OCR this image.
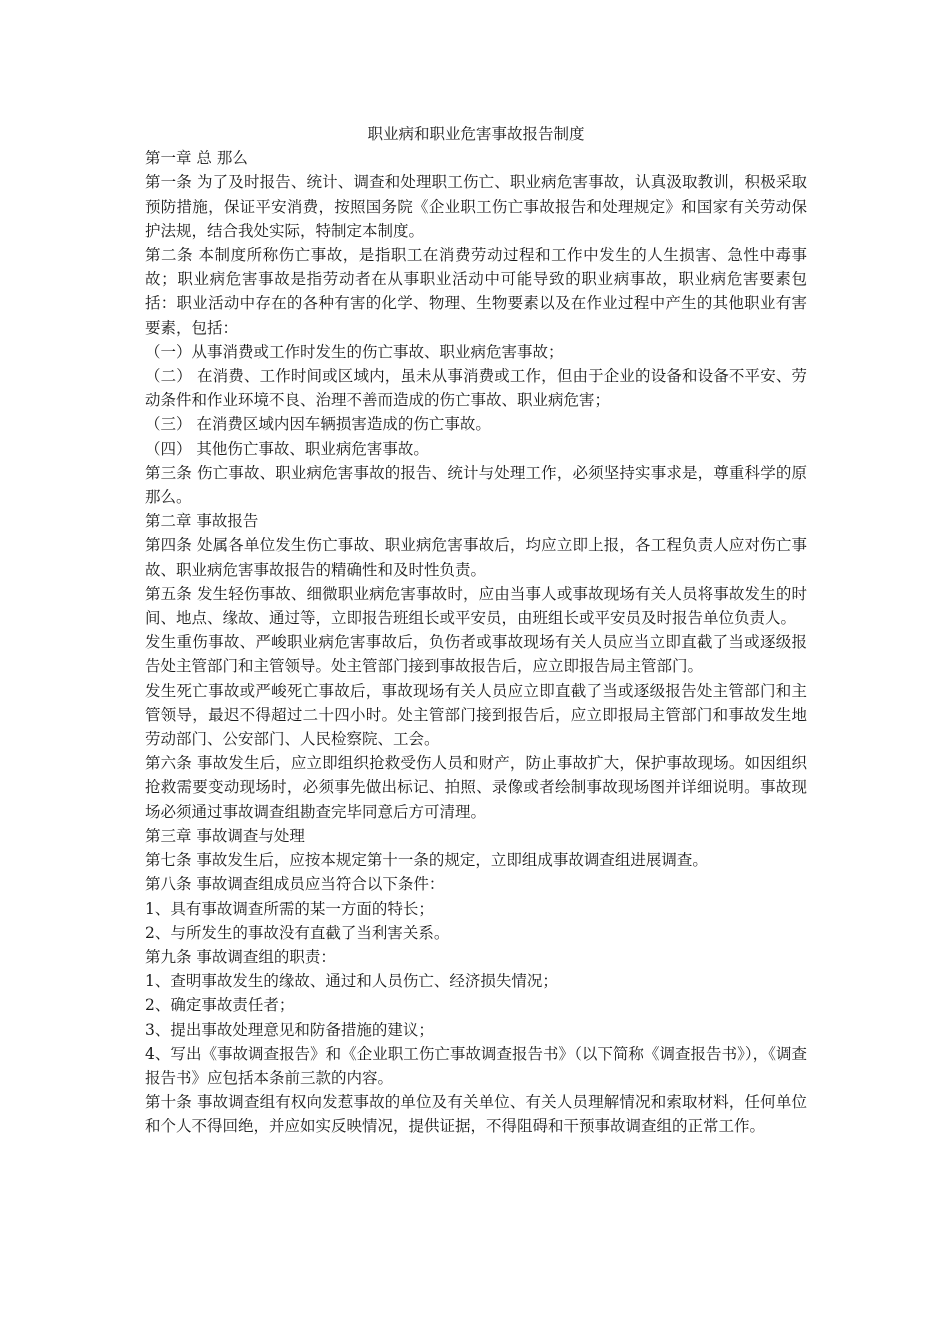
职业病和职业危害事故报告制度

第一章 总 那么

第一条 为了及时报告、统计、调查和处理职工伤亡、职业病危害事故，认真汲取教训，积极采取预防措施，保证平安消费，按照国务院《企业职工伤亡事故报告和处理规定》和国家有关劳动保护法规，结合我处实际，特制定本制度。

第二条 本制度所称伤亡事故，是指职工在消费劳动过程和工作中发生的人生损害、急性中毒事故；职业病危害事故是指劳动者在从事职业活动中可能导致的职业病事故，职业病危害要素包括：职业活动中存在的各种有害的化学、物理、生物要素以及在作业过程中产生的其他职业有害要素，包括：

（一）从事消费或工作时发生的伤亡事故、职业病危害事故；

（二） 在消费、工作时间或区域内，虽未从事消费或工作，但由于企业的设备和设备不平安、劳动条件和作业环境不良、治理不善而造成的伤亡事故、职业病危害；

（三） 在消费区域内因车辆损害造成的伤亡事故。

（四） 其他伤亡事故、职业病危害事故。

第三条 伤亡事故、职业病危害事故的报告、统计与处理工作，必须坚持实事求是，尊重科学的原那么。

第二章 事故报告

第四条 处属各单位发生伤亡事故、职业病危害事故后，均应立即上报，各工程负责人应对伤亡事故、职业病危害事故报告的精确性和及时性负责。

第五条 发生轻伤事故、细微职业病危害事故时，应由当事人或事故现场有关人员将事故发生的时间、地点、缘故、通过等，立即报告班组长或平安员，由班组长或平安员及时报告单位负责人。

发生重伤事故、严峻职业病危害事故后，负伤者或事故现场有关人员应当立即直截了当或逐级报告处主管部门和主管领导。处主管部门接到事故报告后，应立即报告局主管部门。

发生死亡事故或严峻死亡事故后，事故现场有关人员应立即直截了当或逐级报告处主管部门和主管领导，最迟不得超过二十四小时。处主管部门接到报告后，应立即报局主管部门和事故发生地劳动部门、公安部门、人民检察院、工会。

第六条 事故发生后，应立即组织抢救受伤人员和财产，防止事故扩大，保护事故现场。如因组织抢救需要变动现场时，必须事先做出标记、拍照、录像或者绘制事故现场图并详细说明。事故现场必须通过事故调查组勘查完毕同意后方可清理。

第三章 事故调查与处理

第七条 事故发生后，应按本规定第十一条的规定，立即组成事故调查组进展调查。

第八条 事故调查组成员应当符合以下条件：

1、具有事故调查所需的某一方面的特长；

2、与所发生的事故没有直截了当利害关系。

第九条 事故调查组的职责：

1、查明事故发生的缘故、通过和人员伤亡、经济损失情况；

2、确定事故责任者；

3、提出事故处理意见和防备措施的建议；

4、写出《事故调查报告》和《企业职工伤亡事故调查报告书》（以下简称《调查报告书》），《调查报告书》应包括本条前三款的内容。

第十条 事故调查组有权向发惹事故的单位及有关单位、有关人员理解情况和索取材料，任何单位和个人不得回绝，并应如实反映情况，提供证据，不得阻碍和干预事故调查组的正常工作。
